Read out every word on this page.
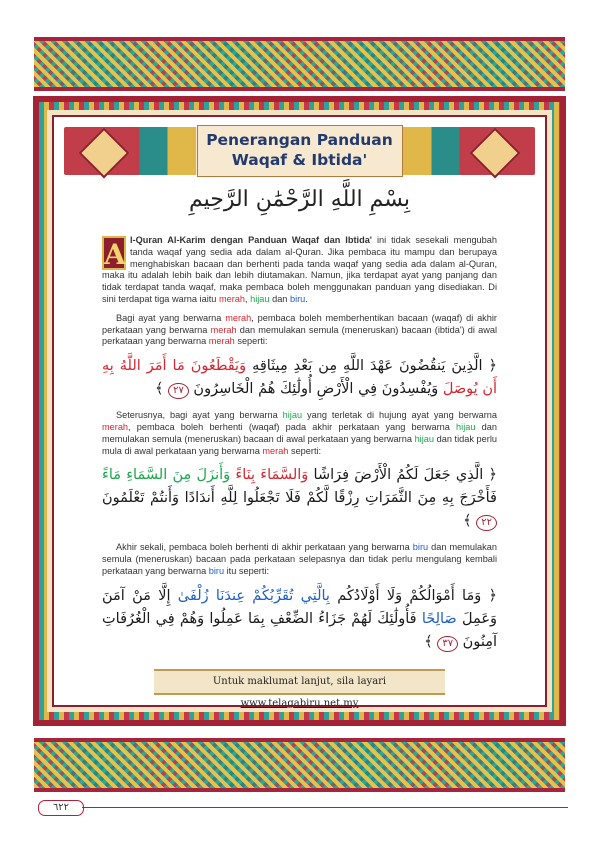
Penerangan Panduan

Waqaf & Ibtida'

بِسْمِ اللَّهِ الرَّحْمَٰنِ الرَّحِيمِ

A l-Quran Al-Karim dengan Panduan Waqaf dan Ibtida' ini tidak sesekali mengubah tanda waqaf yang sedia ada dalam al-Quran. Jika pembaca itu mampu dan berupaya menghabiskan bacaan dan berhenti pada tanda waqaf yang sedia ada dalam al-Quran, maka itu adalah lebih baik dan lebih diutamakan. Namun, jika terdapat ayat yang panjang dan tidak terdapat tanda waqaf, maka pembaca boleh menggunakan panduan yang disediakan. Di sini terdapat tiga warna iaitu merah, hijau dan biru.

Bagi ayat yang berwarna merah, pembaca boleh memberhentikan bacaan (waqaf) di akhir perkataan yang berwarna merah dan memulakan semula (meneruskan) bacaan (ibtida') di awal perkataan yang berwarna merah seperti:

﴿ الَّذِينَ يَنقُضُونَ عَهْدَ اللَّهِ مِن بَعْدِ مِيثَاقِهِ وَيَقْطَعُونَ مَا أَمَرَ اللَّهُ بِهِ أَن يُوصَلَ وَيُفْسِدُونَ فِي الْأَرْضِ أُولَٰئِكَ هُمُ الْخَاسِرُونَ ٢٧ ﴾

Seterusnya, bagi ayat yang berwarna hijau yang terletak di hujung ayat yang berwarna merah, pembaca boleh berhenti (waqaf) pada akhir perkataan yang berwarna hijau dan memulakan semula (meneruskan) bacaan di awal perkataan yang berwarna hijau dan tidak perlu mula di awal perkataan yang berwarna merah seperti:

﴿ الَّذِي جَعَلَ لَكُمُ الْأَرْضَ فِرَاشًا وَالسَّمَاءَ بِنَاءً وَأَنزَلَ مِنَ السَّمَاءِ مَاءً فَأَخْرَجَ بِهِ مِنَ الثَّمَرَاتِ رِزْقًا لَّكُمْ فَلَا تَجْعَلُوا لِلَّهِ أَندَادًا وَأَنتُمْ تَعْلَمُونَ ٢٢ ﴾

Akhir sekali, pembaca boleh berhenti di akhir perkataan yang berwarna biru dan memulakan semula (meneruskan) bacaan pada perkataan selepasnya dan tidak perlu mengulang kembali perkataan yang berwarna biru itu seperti:

﴿ وَمَا أَمْوَالُكُمْ وَلَا أَوْلَادُكُم بِالَّتِي تُقَرِّبُكُمْ عِندَنَا زُلْفَىٰ إِلَّا مَنْ آمَنَ وَعَمِلَ صَالِحًا فَأُولَٰئِكَ لَهُمْ جَزَاءُ الضِّعْفِ بِمَا عَمِلُوا وَهُمْ فِي الْغُرُفَاتِ آمِنُونَ ٣٧ ﴾

Untuk maklumat lanjut, sila layari www.telagabiru.net.my
٦٢٢
